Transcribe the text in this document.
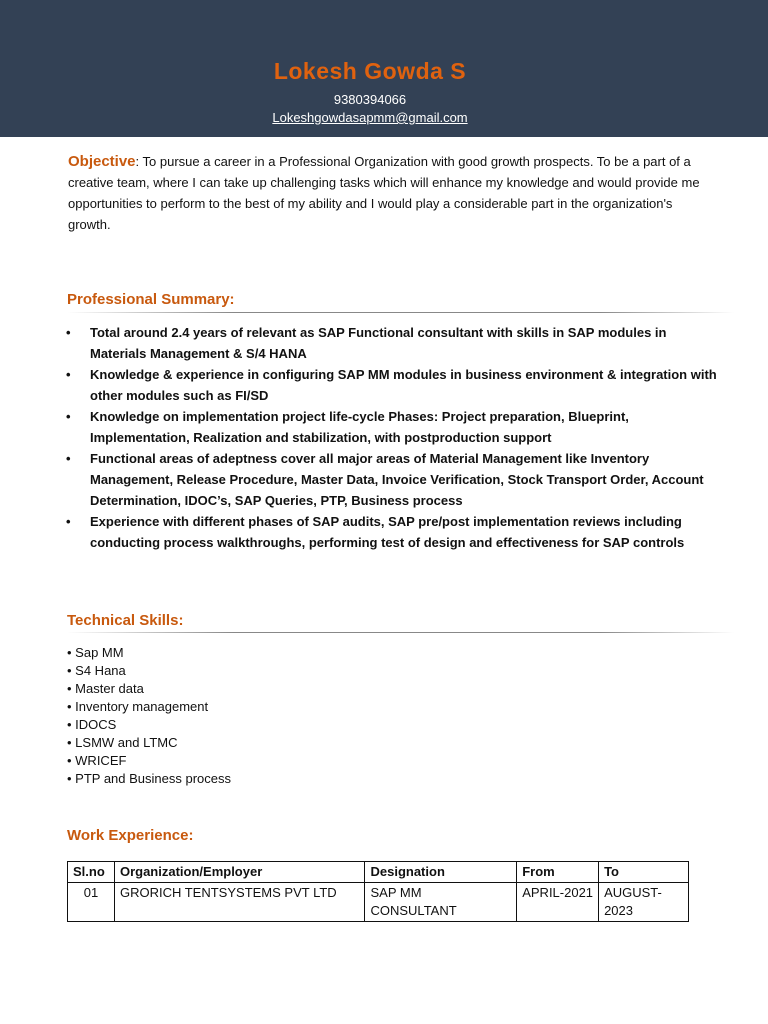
Lokesh Gowda S
9380394066
Lokeshgowdasapmm@gmail.com
Objective: To pursue a career in a Professional Organization with good growth prospects. To be a part of a creative team, where I can take up challenging tasks which will enhance my knowledge and would provide me opportunities to perform to the best of my ability and I would play a considerable part in the organization's growth.
Professional Summary:
• Total around 2.4 years of relevant as SAP Functional consultant with skills in SAP modules in Materials Management & S/4 HANA
• Knowledge & experience in configuring SAP MM modules in business environment & integration with other modules such as FI/SD
• Knowledge on implementation project life-cycle Phases: Project preparation, Blueprint, Implementation, Realization and stabilization, with postproduction support
• Functional areas of adeptness cover all major areas of Material Management like Inventory Management, Release Procedure, Master Data, Invoice Verification, Stock Transport Order, Account Determination, IDOC’s, SAP Queries, PTP, Business process
• Experience with different phases of SAP audits, SAP pre/post implementation reviews including conducting process walkthroughs, performing test of design and effectiveness for SAP controls
Technical Skills:
• Sap MM
• S4 Hana
• Master data
• Inventory management
• IDOCS
• LSMW and LTMC
• WRICEF
• PTP and Business process
Work Experience:
Sl.no	Organization/Employer	Designation	From	To
01	GRORICH TENTSYSTEMS PVT LTD	SAP MM CONSULTANT	APRIL-2021	AUGUST-2023
